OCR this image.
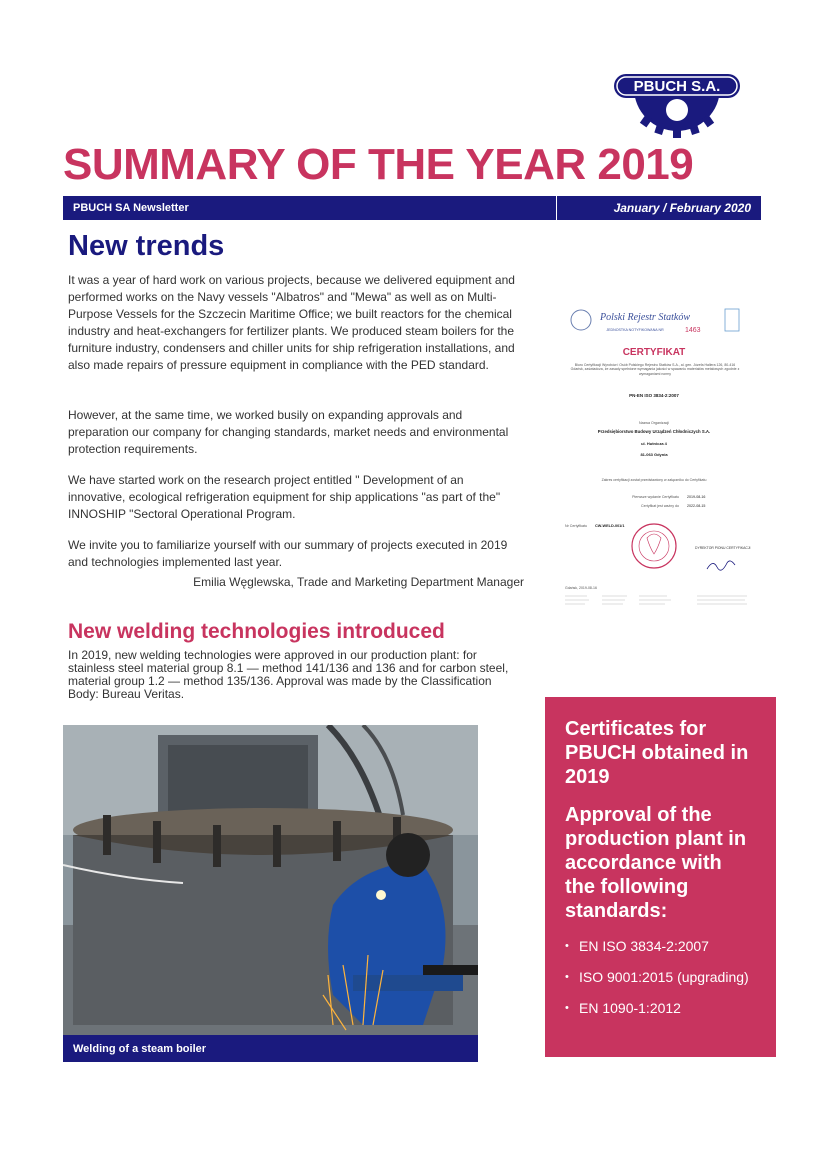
PBUCH S.A.
SUMMARY OF THE YEAR 2019
PBUCH SA Newsletter	January / February 2020
New trends

It was a year of hard work on various projects, because we delivered equipment and performed works on the Navy vessels "Albatros" and "Mewa" as well as on Multi-Purpose Vessels for the Szczecin Maritime Office; we built reactors for the chemical industry and heat-exchangers for fertilizer plants. We produced steam boilers for the furniture industry, condensers and chiller units for ship refrigeration installations, and also made repairs of pressure equipment in compliance with the PED standard.

However, at the same time, we worked busily on expanding approvals and preparation our company for changing standards, market needs and environmental protection requirements.

We have started work on the research project entitled " Development of an innovative, ecological refrigeration equipment for ship applications "as part of the" INNOSHIP "Sectoral Operational Program.

We invite you to familiarize yourself with our summary of projects executed in 2019 and technologies implemented last year.

Emilia Węglewska, Trade and Marketing Department Manager

Polski Rejestr Statków
JEDNOSTKA NOTYFIKOWANA NR	1463
CERTYFIKAT
Biuro Certyfikacji Wyrobów i Osób Polskiego Rejestru Statków S.A., al. gen. Józefa Hallera 126, 80-416 Gdańsk, zaświadcza, że zasady spełnione wymagania jakości w spawaniu materiałów metalowych zgodnie z wymaganiami normy
PN-EN ISO 3834-2:2007
Nazwa Organizacji
Przedsiębiorstwo Budowy Urządzeń Chłodniczych S.A.
ul. Hutnicza 4
81-063 Gdynia
Zakres certyfikacji został przedstawiony w załączniku do Certyfikatu
Pierwsze wydanie Certyfikatu 2019-08-16
Certyfikat jest ważny do 2022-08-15
Nr Certyfikatu CW-WELD-001/1
DYREKTOR PIONU CERTYFIKACJI
Gdańsk, 2019-08-16
New welding technologies introduced

In 2019, new welding technologies were approved in our production plant: for stainless steel material group 8.1 — method 141/136 and 136 and for carbon steel, material group 1.2 — method 135/136. Approval was made by the Classification Body: Bureau Veritas.

Welding of a steam boiler
Certificates for PBUCH obtained in 2019
Approval of the production plant in accordance with the following standards:
• EN ISO 3834-2:2007
• ISO 9001:2015 (upgrading)
• EN 1090-1:2012
